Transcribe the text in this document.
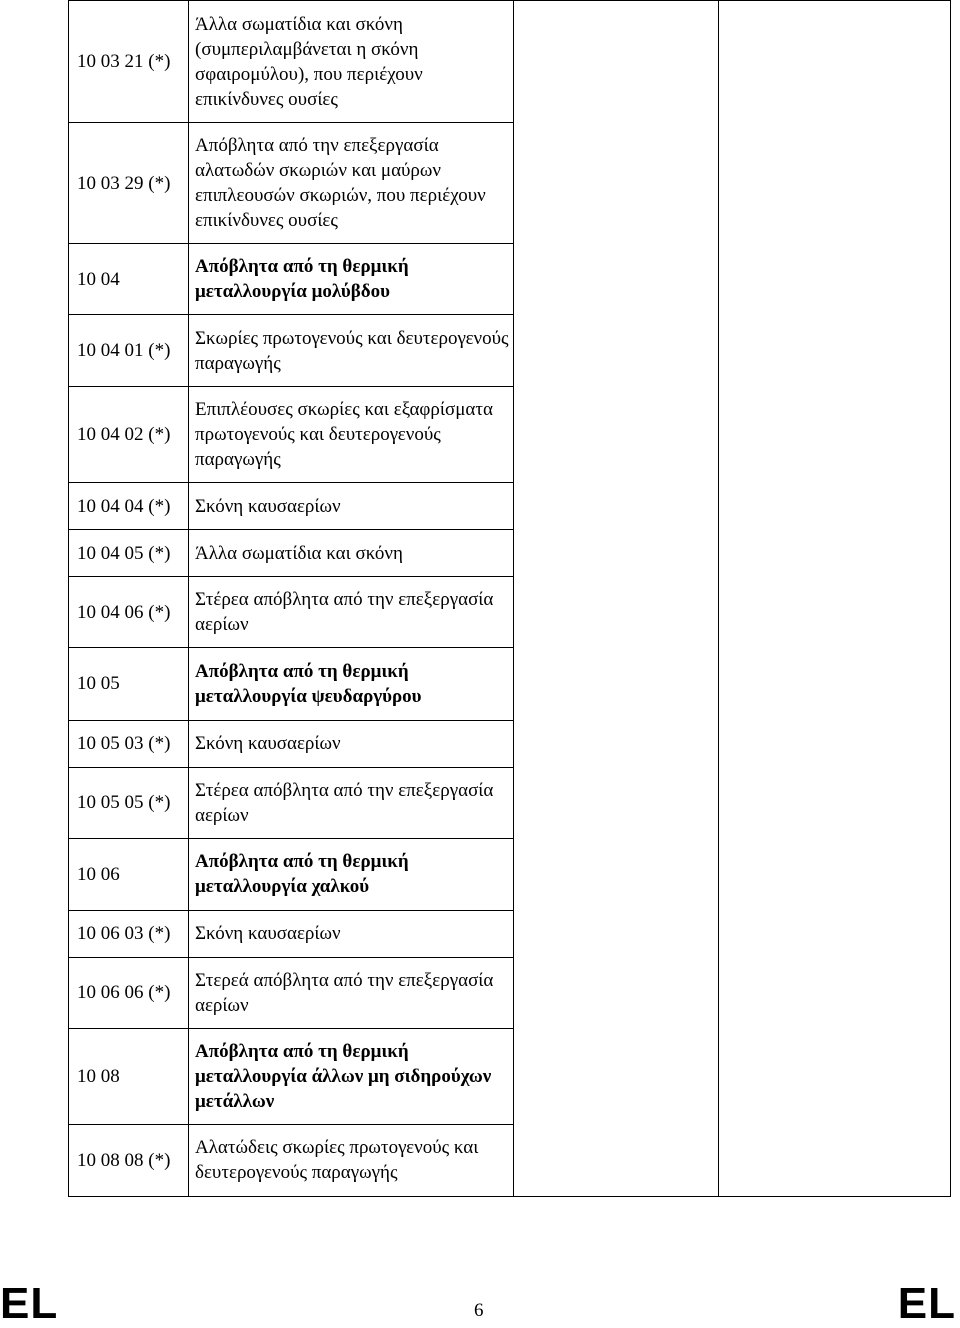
10 03 21 (*)	Άλλα σωματίδια και σκόνη (συμπεριλαμβάνεται η σκόνη σφαιρομύλου), που περιέχουν επικίνδυνες ουσίες		
10 03 29 (*)	Απόβλητα από την επεξεργασία αλατωδών σκωριών και μαύρων επιπλεουσών σκωριών, που περιέχουν επικίνδυνες ουσίες		
10 04	Απόβλητα από τη θερμική μεταλλουργία μολύβδου		
10 04 01 (*)	Σκωρίες πρωτογενούς και δευτερογενούς παραγωγής		
10 04 02 (*)	Επιπλέουσες σκωρίες και εξαφρίσματα πρωτογενούς και δευτερογενούς παραγωγής		
10 04 04 (*)	Σκόνη καυσαερίων		
10 04 05 (*)	Άλλα σωματίδια και σκόνη		
10 04 06 (*)	Στέρεα απόβλητα από την επεξεργασία αερίων		
10 05	Απόβλητα από τη θερμική μεταλλουργία ψευδαργύρου		
10 05 03 (*)	Σκόνη καυσαερίων		
10 05 05 (*)	Στέρεα απόβλητα από την επεξεργασία αερίων		
10 06	Απόβλητα από τη θερμική μεταλλουργία χαλκού		
10 06 03 (*)	Σκόνη καυσαερίων		
10 06 06 (*)	Στερεά απόβλητα από την επεξεργασία αερίων		
10 08	Απόβλητα από τη θερμική μεταλλουργία άλλων μη σιδηρούχων μετάλλων		
10 08 08 (*)	Αλατώδεις σκωρίες πρωτογενούς και δευτερογενούς παραγωγής		
EL	6	EL
